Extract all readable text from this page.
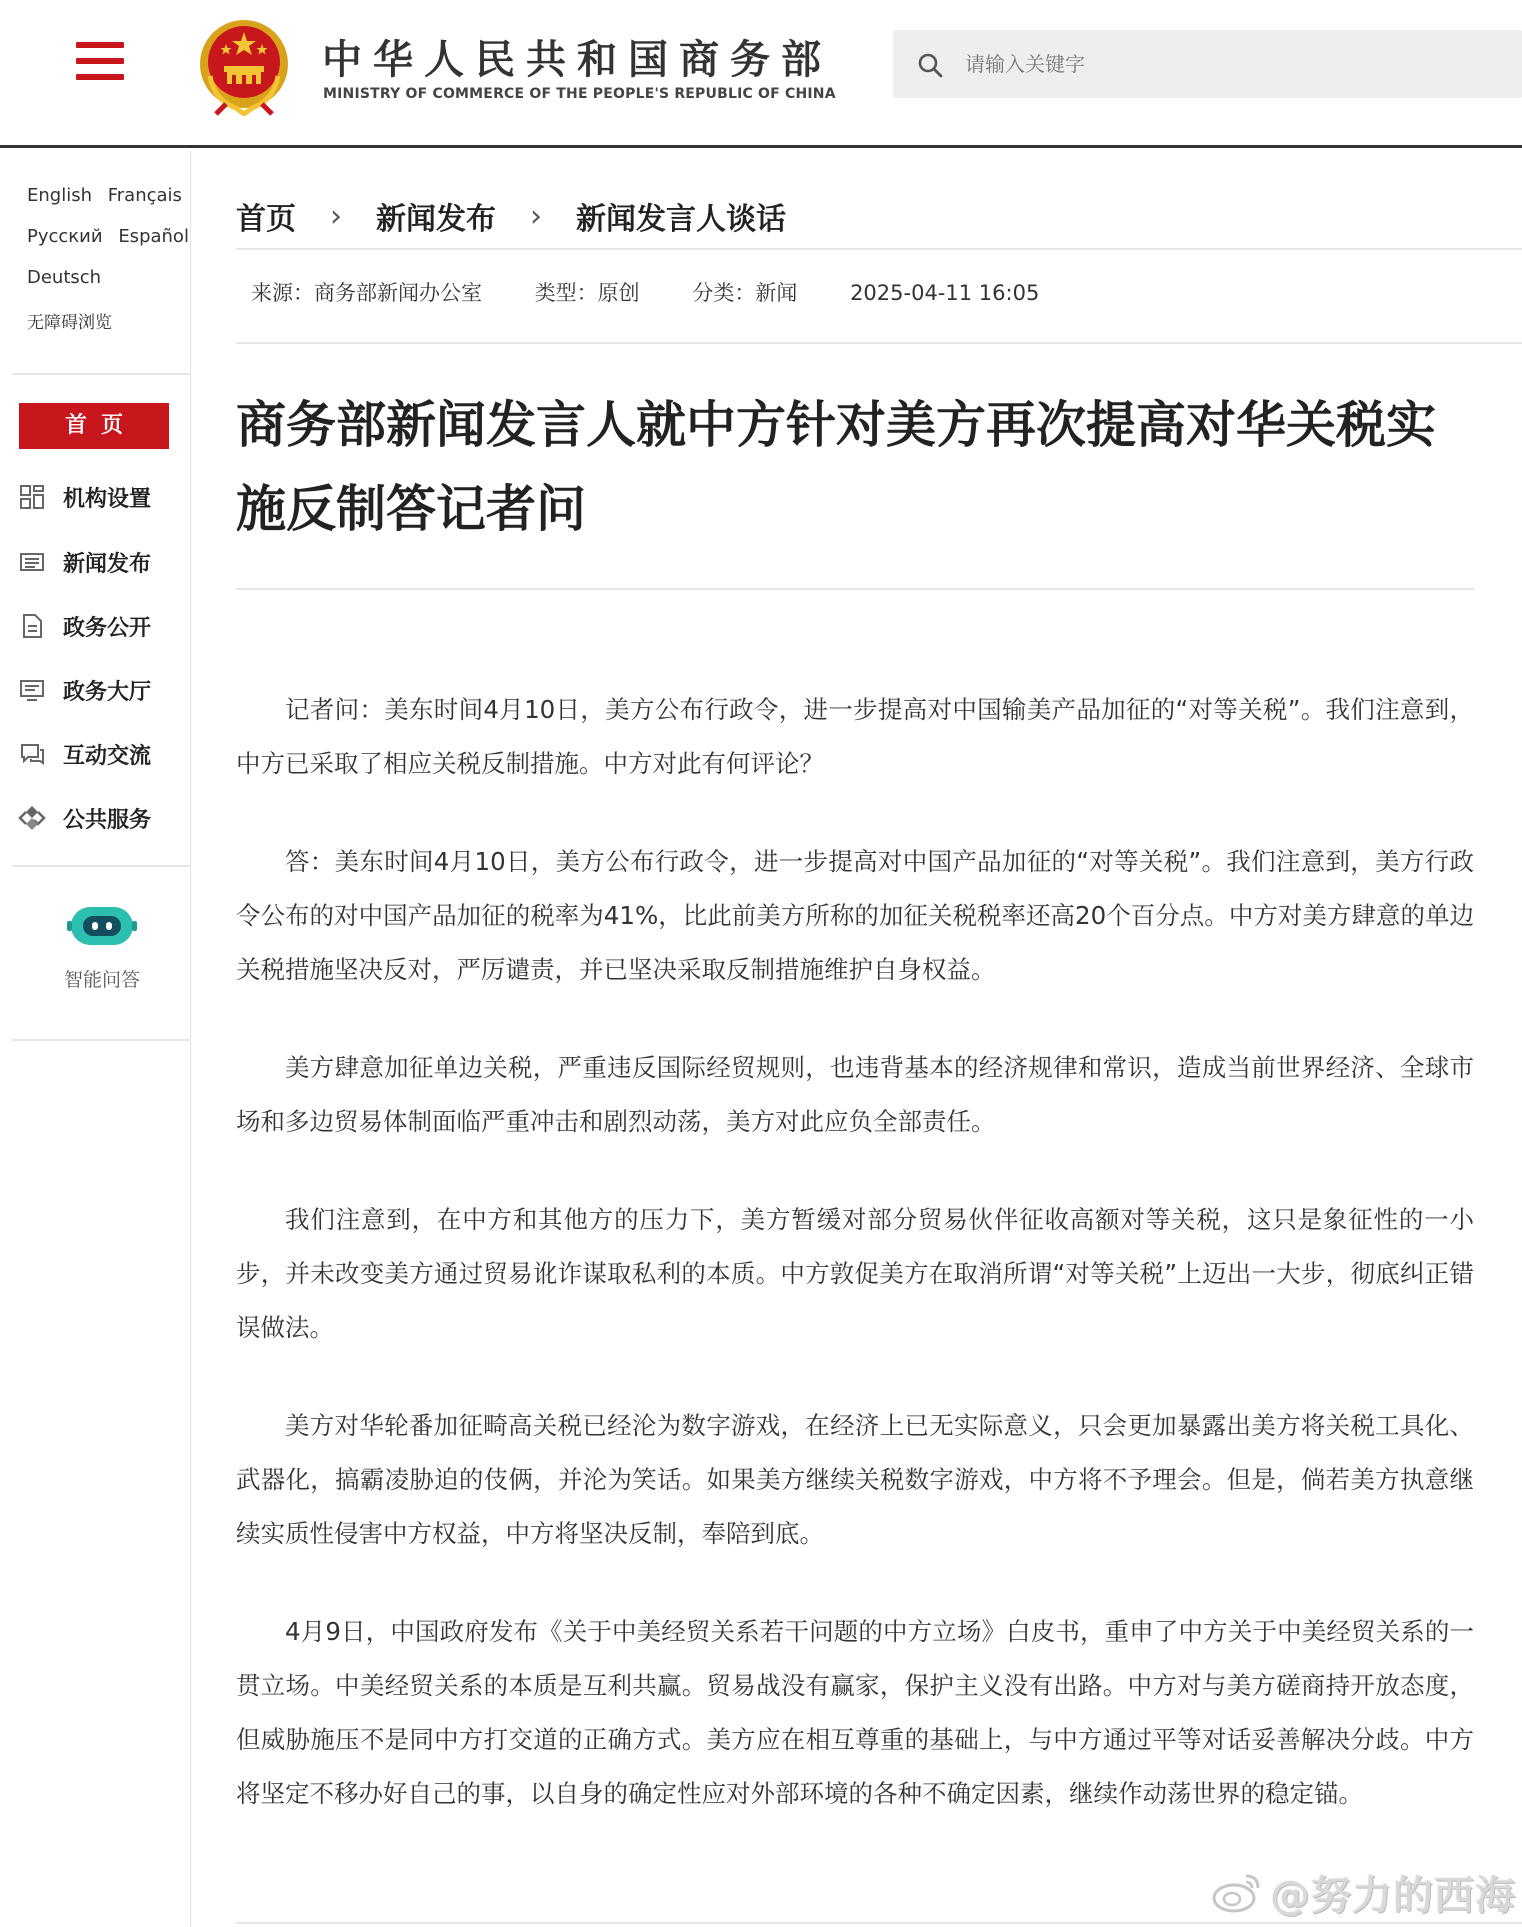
中华人民共和国商务部
MINISTRY OF COMMERCE OF THE PEOPLE'S REPUBLIC OF CHINA
请输入关键字
English Français
Русский Español
Deutsch
无障碍浏览
首页
机构设置
新闻发布
政务公开
政务大厅
互动交流
公共服务
智能问答
首页 › 新闻发布 › 新闻发言人谈话
来源：商务部新闻办公室	类型：原创	分类：新闻	2025-04-11 16:05
商务部新闻发言人就中方针对美方再次提高对华关税实施反制答记者问

记者问：美东时间4月10日，美方公布行政令，进一步提高对中国输美产品加征的“对等关税”。我们注意到，中方已采取了相应关税反制措施。中方对此有何评论？

答：美东时间4月10日，美方公布行政令，进一步提高对中国产品加征的“对等关税”。我们注意到，美方行政令公布的对中国产品加征的税率为41%，比此前美方所称的加征关税税率还高20个百分点。中方对美方肆意的单边关税措施坚决反对，严厉谴责，并已坚决采取反制措施维护自身权益。

美方肆意加征单边关税，严重违反国际经贸规则，也违背基本的经济规律和常识，造成当前世界经济、全球市场和多边贸易体制面临严重冲击和剧烈动荡，美方对此应负全部责任。

我们注意到，在中方和其他方的压力下，美方暂缓对部分贸易伙伴征收高额对等关税，这只是象征性的一小步，并未改变美方通过贸易讹诈谋取私利的本质。中方敦促美方在取消所谓“对等关税”上迈出一大步，彻底纠正错误做法。

美方对华轮番加征畸高关税已经沦为数字游戏，在经济上已无实际意义，只会更加暴露出美方将关税工具化、武器化，搞霸凌胁迫的伎俩，并沦为笑话。如果美方继续关税数字游戏，中方将不予理会。但是，倘若美方执意继续实质性侵害中方权益，中方将坚决反制，奉陪到底。

4月9日，中国政府发布《关于中美经贸关系若干问题的中方立场》白皮书，重申了中方关于中美经贸关系的一贯立场。中美经贸关系的本质是互利共赢。贸易战没有赢家，保护主义没有出路。中方对与美方磋商持开放态度，但威胁施压不是同中方打交道的正确方式。美方应在相互尊重的基础上，与中方通过平等对话妥善解决分歧。中方将坚定不移办好自己的事，以自身的确定性应对外部环境的各种不确定因素，继续作动荡世界的稳定锚。

@努力的西海
